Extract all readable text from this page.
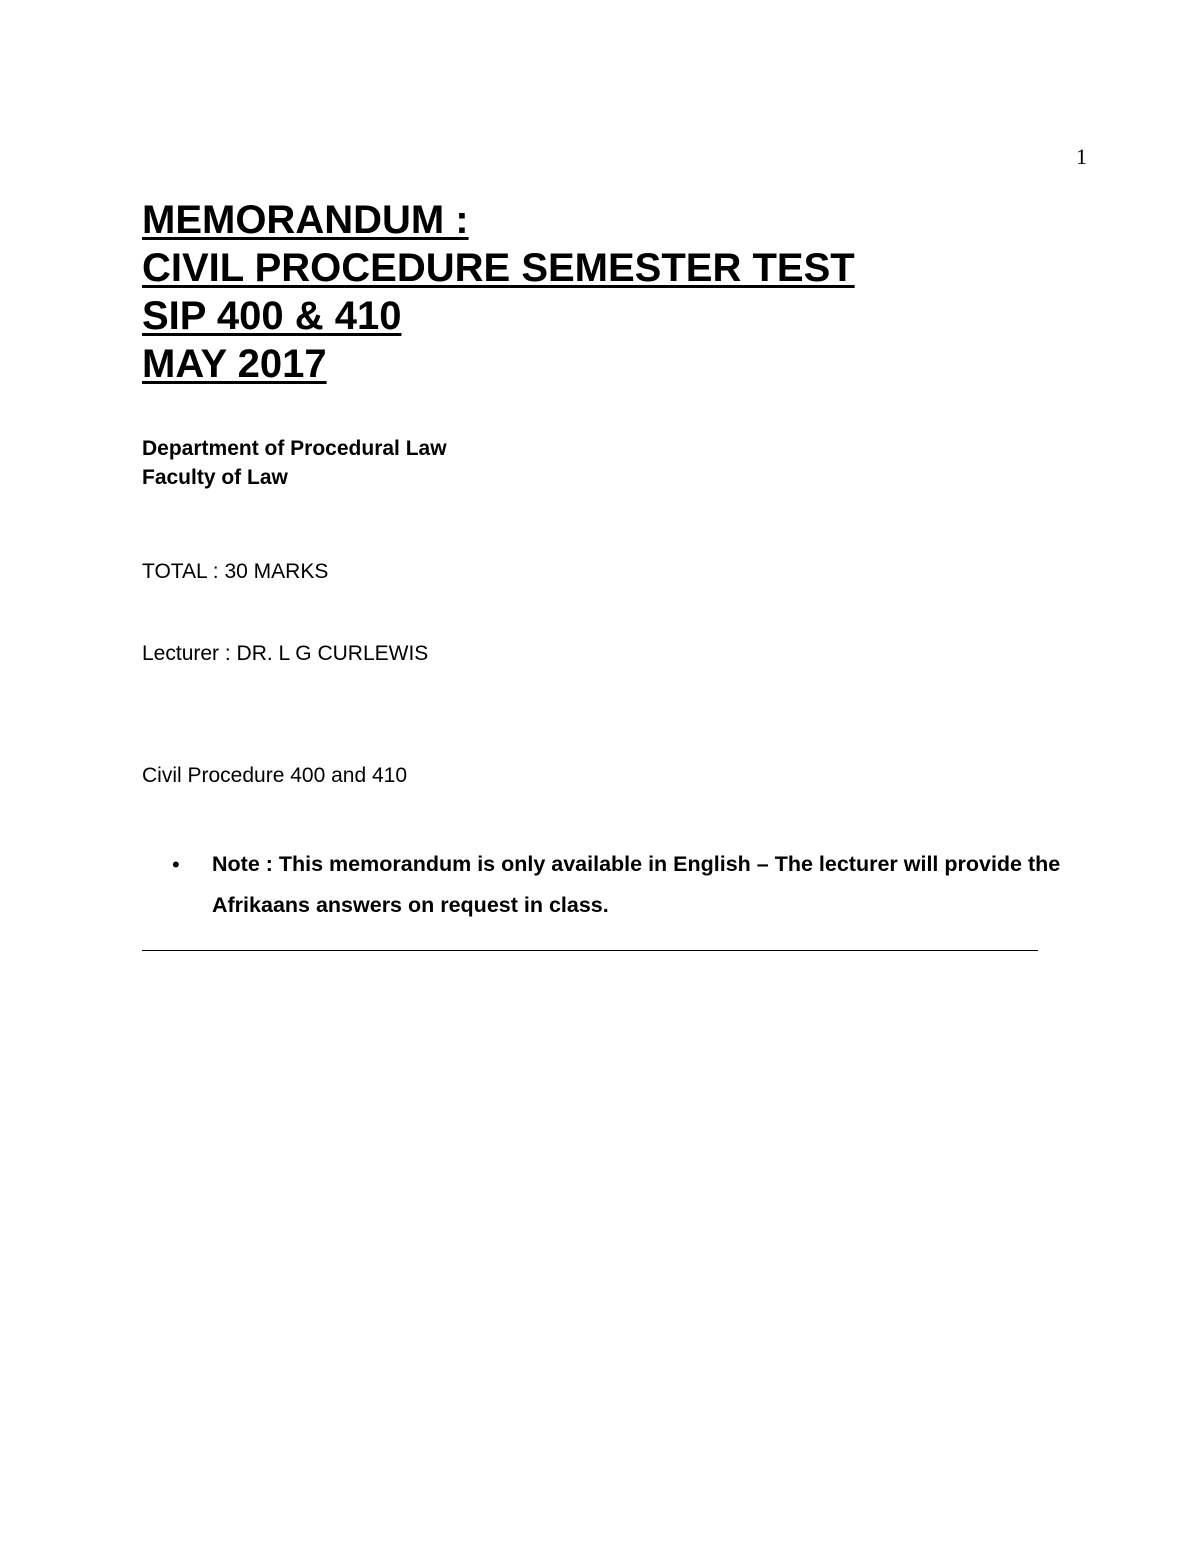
1
MEMORANDUM :
CIVIL PROCEDURE SEMESTER TEST
SIP 400 & 410
MAY 2017
Department of Procedural Law
Faculty of Law
TOTAL : 30 MARKS
Lecturer : DR. L G CURLEWIS
Civil Procedure 400 and 410
•	Note : This memorandum is only available in English – The lecturer will provide the Afrikaans answers on request in class.
